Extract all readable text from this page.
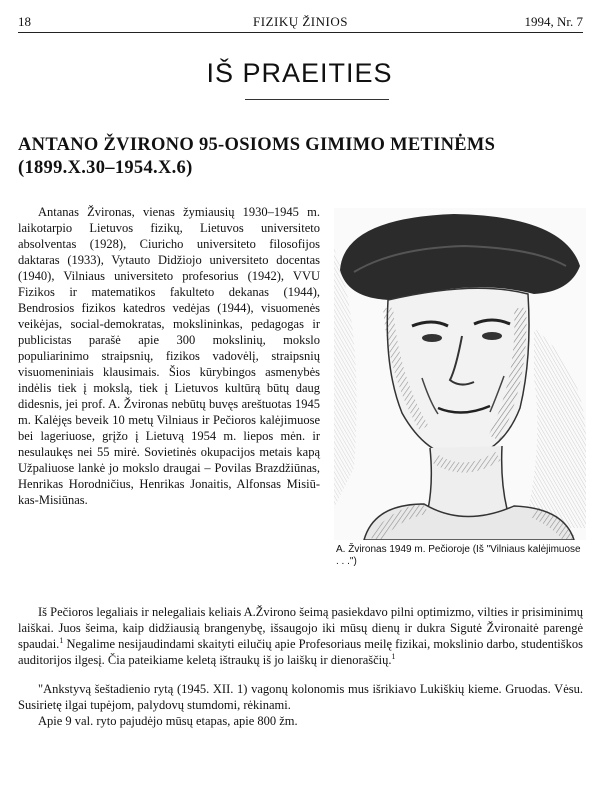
18	FIZIKŲ ŽINIOS	1994, Nr. 7
IŠ PRAEITIES
ANTANO ŽVIRONO 95-OSIOMS GIMIMO METINĖMS (1899.X.30–1954.X.6)

Antanas Žvironas, vienas žymiausių 1930–1945 m. laikotarpio Lietuvos fizikų, Lietuvos universiteto absolventas (1928), Ciuricho universiteto filosofijos daktaras (1933), Vytauto Didžiojo universiteto docentas (1940), Vilniaus universiteto profesorius (1942), VVU Fizikos ir matematikos fakulteto dekanas (1944), Bendrosios fizikos katedros vedėjas (1944), visuomenės veikėjas, social-demokratas, mokslininkas, pedagogas ir publicistas parašė apie 300 mokslinių, mokslo populiarinimo straipsnių, fizikos vadovėlį, straipsnių visuomeniniais klausimais. Šios kūrybingos asmenybės indėlis tiek į mokslą, tiek į Lietuvos kultūrą būtų daug didesnis, jei prof. A. Žvironas nebūtų buvęs areštuotas 1945 m. Kalėjęs beveik 10 metų Vilniaus ir Pečioros kalėjimuose bei lageriuose, grįžo į Lietuvą 1954 m. liepos mėn. ir nesulaukęs nei 55 mirė. Sovietinės okupacijos metais kapą Užpaliuose lankė jo mokslo draugai – Povilas Brazdžiūnas, Henrikas Horodničius, Henrikas Jonaitis, Alfonsas Misiū-kas-Misiūnas.

A. Žvironas 1949 m. Pečioroje (Iš "Vilniaus kalėjimuose . . .")

Iš Pečioros legaliais ir nelegaliais keliais A.Žvirono šeimą pasiekdavo pilni optimizmo, vilties ir prisiminimų laiškai. Juos šeima, kaip didžiausią brangenybę, išsaugojo iki mūsų dienų ir dukra Sigutė Žvironaitė parengė spaudai.$^1$ Negalime nesijaudindami skaityti eilučių apie Profesoriaus meilę fizikai, mokslinio darbo, studentiškos auditorijos ilgesį. Čia pateikiame keletą ištraukų iš jo laiškų ir dienoraščių.$^1$

"Ankstyvą šeštadienio rytą (1945. XII. 1) vagonų kolonomis mus išrikiavo Lukiškių kieme. Gruodas. Vėsu. Susirietę ilgai tupėjom, palydovų stumdomi, rėkinami.

Apie 9 val. ryto pajudėjo mūsų etapas, apie 800 žm.
